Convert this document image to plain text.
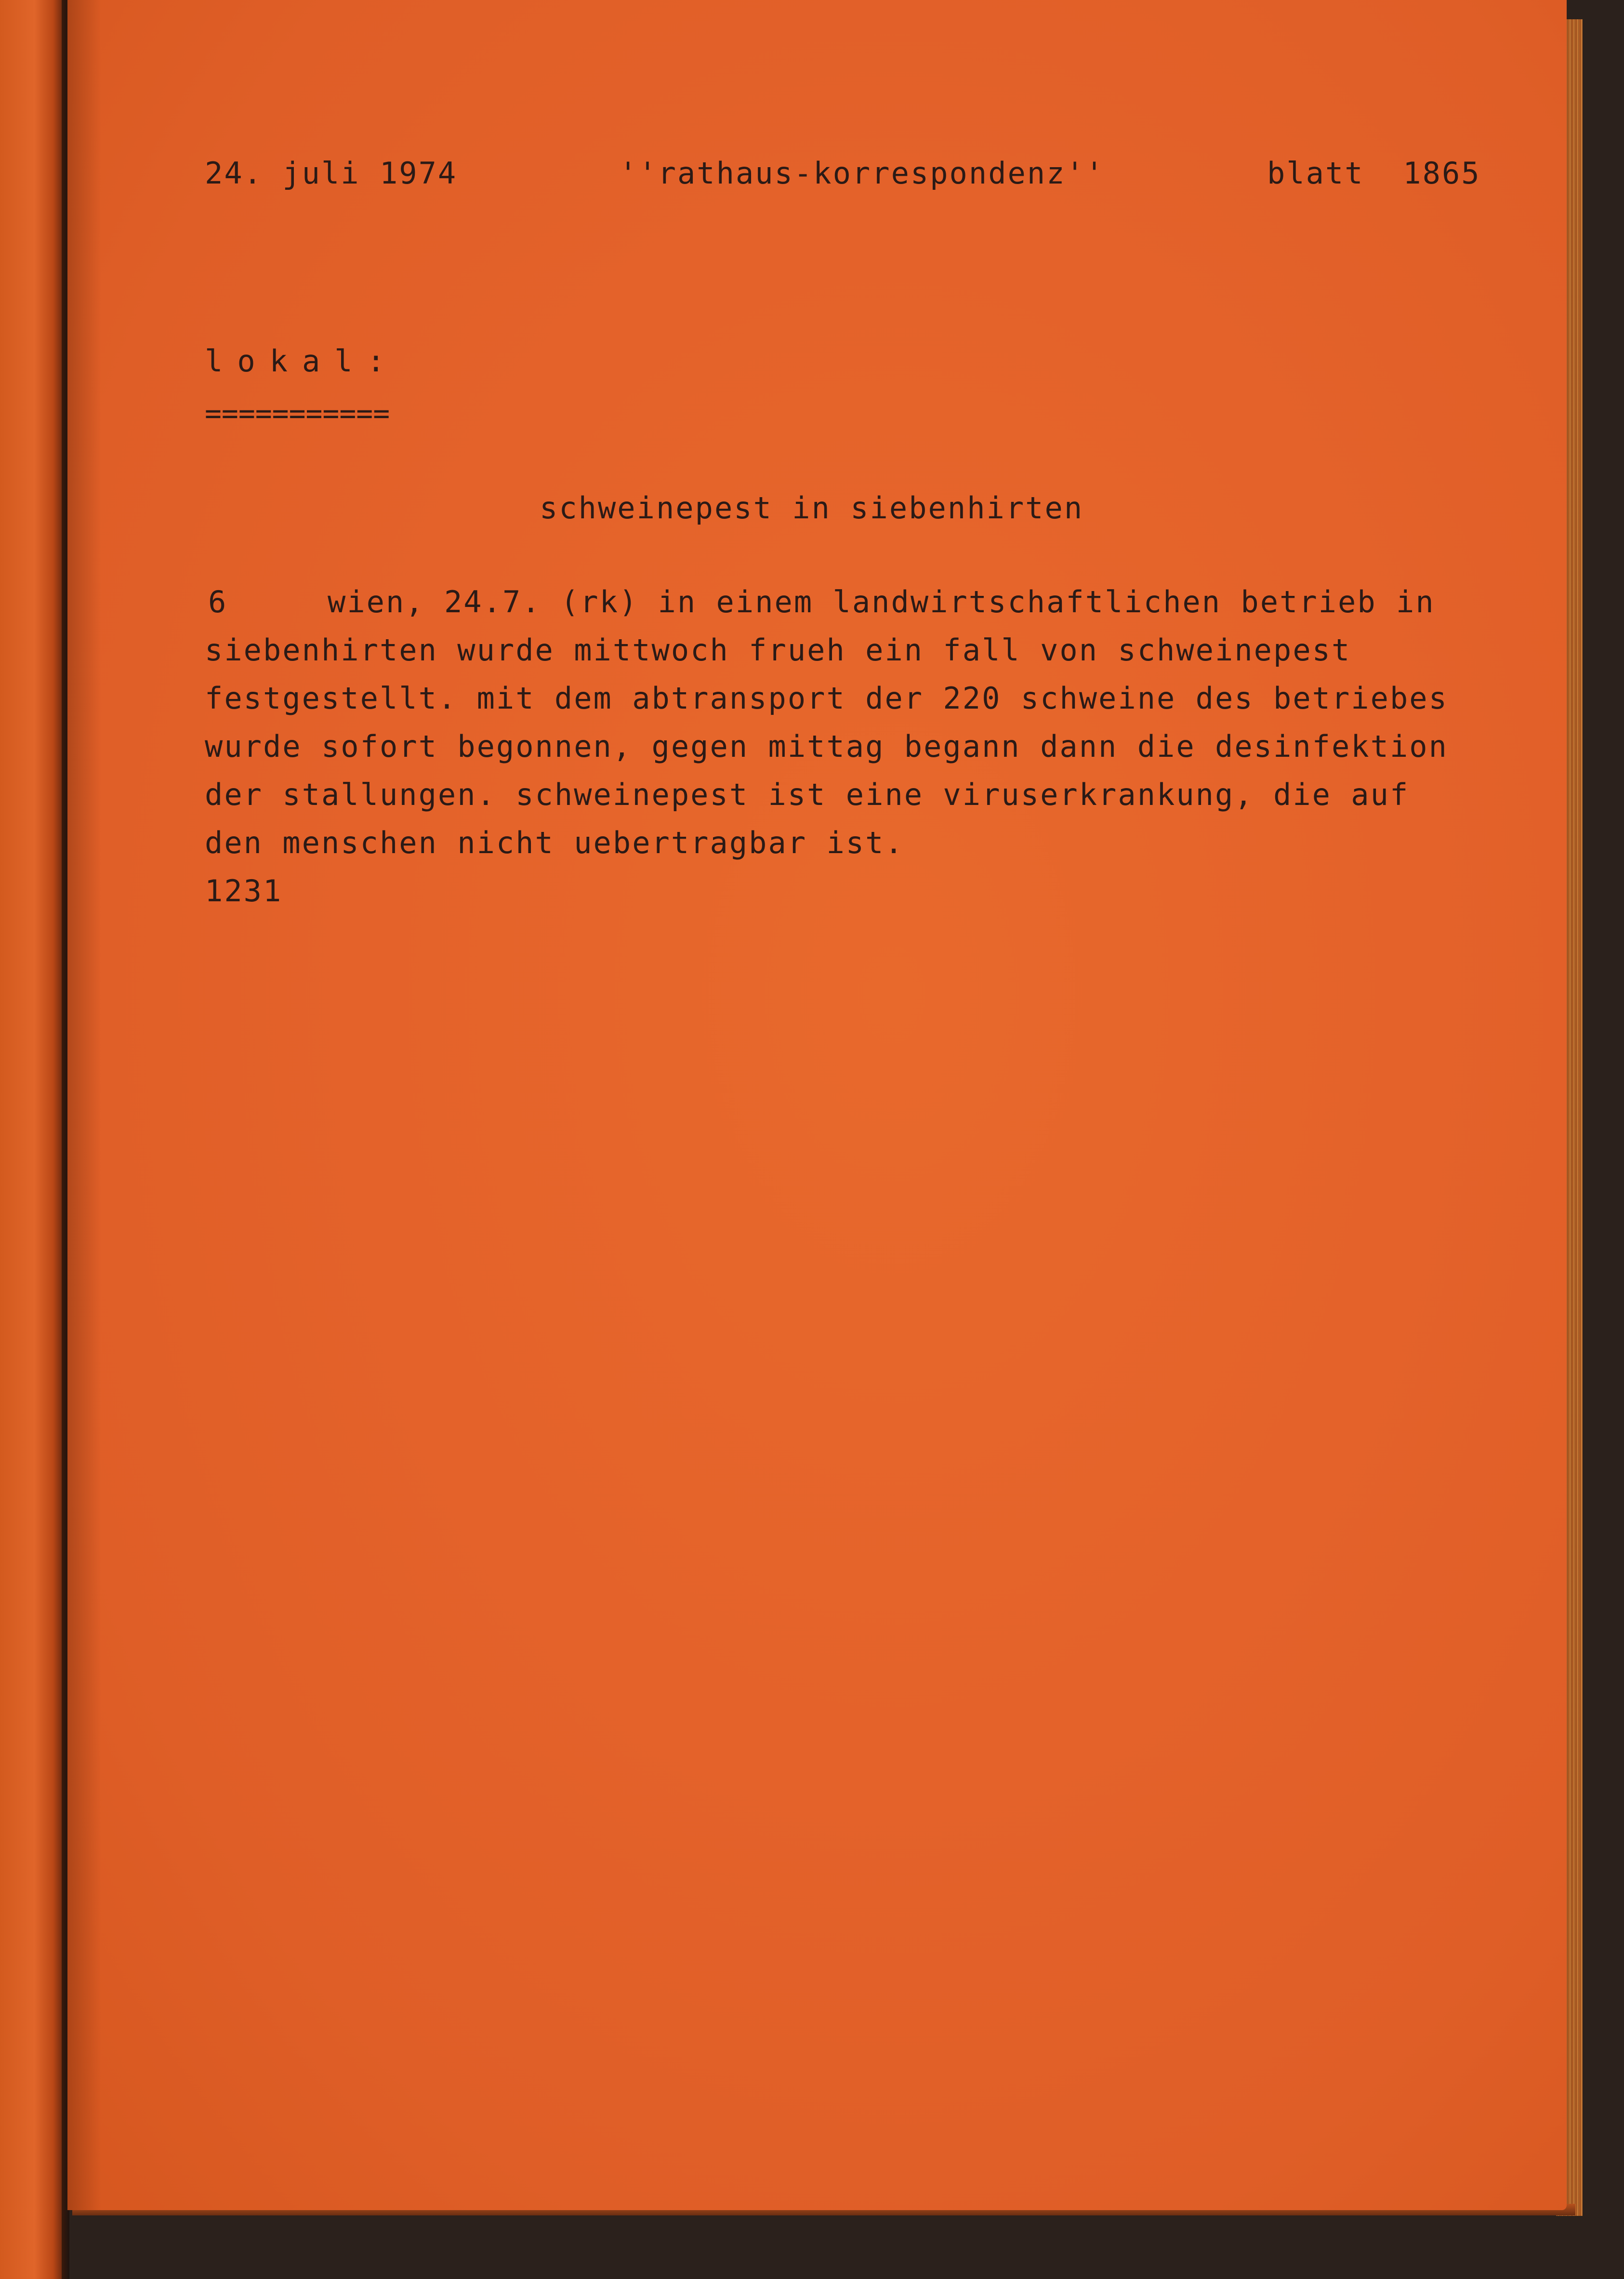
24. juli 1974	''rathaus-korrespondenz''	blatt  1865
lokal:
===========
schweinepest in siebenhirten
6	wien, 24.7. (rk) in einem landwirtschaftlichen betrieb in
siebenhirten wurde mittwoch frueh ein fall von schweinepest
festgestellt. mit dem abtransport der 220 schweine des betriebes
wurde sofort begonnen, gegen mittag begann dann die desinfektion
der stallungen. schweinepest ist eine viruserkrankung, die auf
den menschen nicht uebertragbar ist.
1231
